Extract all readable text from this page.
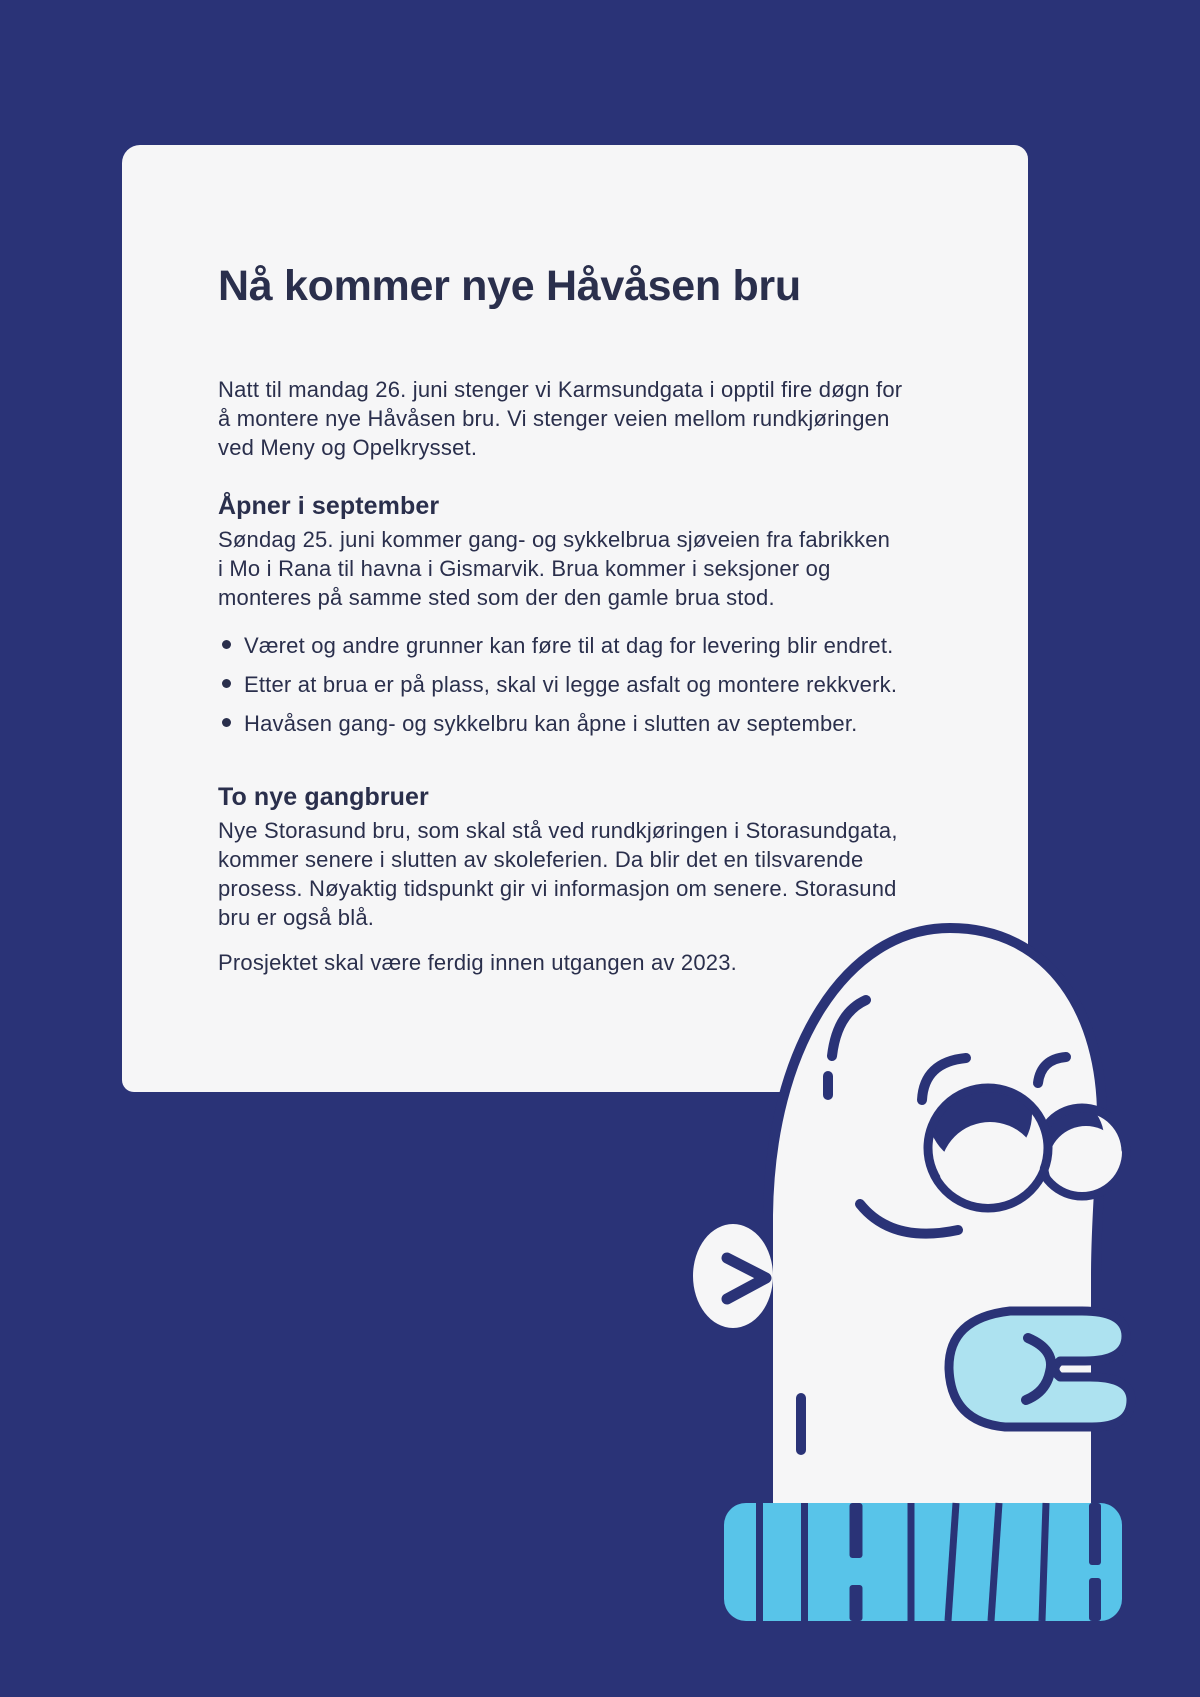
Nå kommer nye Håvåsen bru
Natt til mandag 26. juni stenger vi Karmsundgata i opptil fire døgn for
å montere nye Håvåsen bru. Vi stenger veien mellom rundkjøringen
ved Meny og Opelkrysset.
Åpner i september
Søndag 25. juni kommer gang- og sykkelbrua sjøveien fra fabrikken
i Mo i Rana til havna i Gismarvik. Brua kommer i seksjoner og
monteres på samme sted som der den gamle brua stod.
Været og andre grunner kan føre til at dag for levering blir endret.
Etter at brua er på plass, skal vi legge asfalt og montere rekkverk.
Havåsen gang- og sykkelbru kan åpne i slutten av september.
To nye gangbruer
Nye Storasund bru, som skal stå ved rundkjøringen i Storasundgata,
kommer senere i slutten av skoleferien. Da blir det en tilsvarende
prosess. Nøyaktig tidspunkt gir vi informasjon om senere. Storasund
bru er også blå.
Prosjektet skal være ferdig innen utgangen av 2023.
